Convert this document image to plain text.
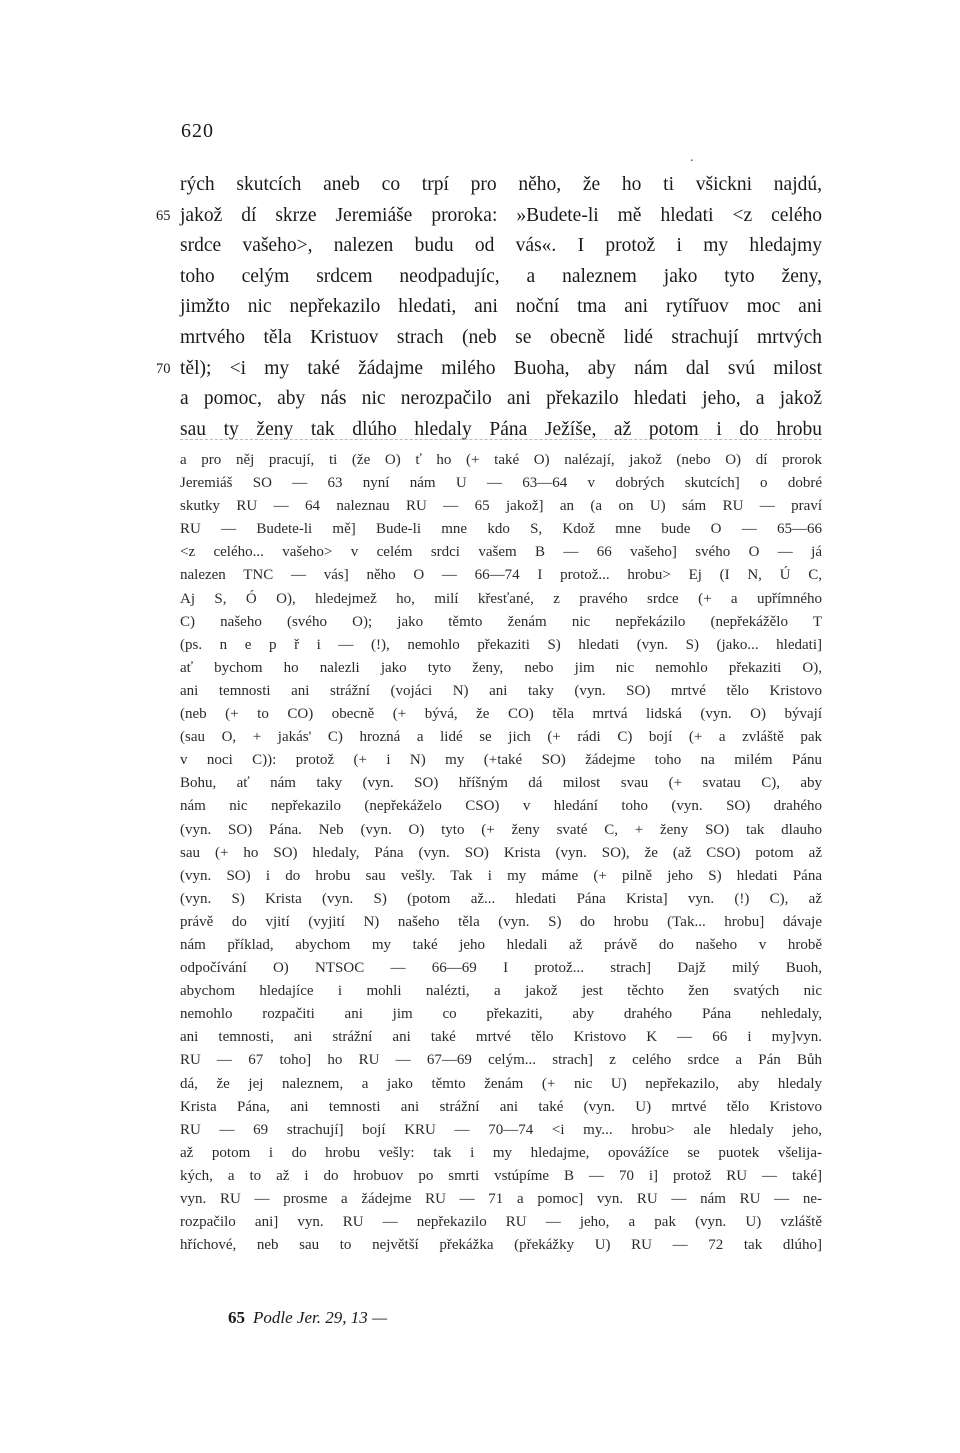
620
.
rých skutcích aneb co trpí pro něho, že ho ti všickni najdú,
65 jakož dí skrze Jeremiáše proroka: »Budete-li mě hledati <z celého
srdce vašeho>, nalezen budu od vás«. I protož i my hledajmy
toho celým srdcem neodpadujíc, a naleznem jako tyto ženy,
jimžto nic nepřekazilo hledati, ani noční tma ani rytířuov moc ani
mrtvého těla Kristuov strach (neb se obecně lidé strachují mrtvých
70 těl); <i my také žádajme milého Buoha, aby nám dal svú milost
a pomoc, aby nás nic nerozpačilo ani překazilo hledati jeho, a jakož
sau ty ženy tak dlúho hledaly Pána Ježíše, až potom i do hrobu
a pro něj pracují, ti (že O) ť ho (+ také O) nalézají, jakož (nebo O) dí prorok
Jeremiáš SO — 63 nyní nám U — 63—64 v dobrých skutcích] o dobré
skutky RU — 64 naleznau RU — 65 jakož] an (a on U) sám RU — praví
RU — Budete-li mě] Bude-li mne kdo S, Kdož mne bude O — 65—66
<z celého... vašeho> v celém srdci vašem B — 66 vašeho] svého O — já
nalezen TNC — vás] něho O — 66—74 I protož... hrobu> Ej (I N, Ú C,
Aj S, Ó O), hledejmež ho, milí křesťané, z pravého srdce (+ a upřímného
C) našeho (svého O); jako těmto ženám nic nepřekázilo (nepřekážělo T
(ps. n e p ř i — (!), nemohlo překaziti S) hledati (vyn. S) (jako... hledati]
ať bychom ho nalezli jako tyto ženy, nebo jim nic nemohlo překaziti O),
ani temnosti ani strážní (vojáci N) ani taky (vyn. SO) mrtvé tělo Kristovo
(neb (+ to CO) obecně (+ bývá, že CO) těla mrtvá lidská (vyn. O) bývají
(sau O, + jakás' C) hrozná a lidé se jich (+ rádi C) bojí (+ a zvláště pak
v noci C)): protož (+ i N) my (+také SO) žádejme toho na milém Pánu
Bohu, ať nám taky (vyn. SO) hříšným dá milost svau (+ svatau C), aby
nám nic nepřekazilo (nepřekáželo CSO) v hledání toho (vyn. SO) drahého
(vyn. SO) Pána. Neb (vyn. O) tyto (+ ženy svaté C, + ženy SO) tak dlauho
sau (+ ho SO) hledaly, Pána (vyn. SO) Krista (vyn. SO), že (až CSO) potom až
(vyn. SO) i do hrobu sau vešly. Tak i my máme (+ pilně jeho S) hledati Pána
(vyn. S) Krista (vyn. S) (potom až... hledati Pána Krista] vyn. (!) C), až
právě do vjití (vyjití N) našeho těla (vyn. S) do hrobu (Tak... hrobu] dávaje
nám příklad, abychom my také jeho hledali až právě do našeho v hrobě
odpočívání O) NTSOC — 66—69 I protož... strach] Dajž milý Buoh,
abychom hledajíce i mohli nalézti, a jakož jest těchto žen svatých nic
nemohlo rozpačiti ani jim co překaziti, aby drahého Pána nehledaly,
ani temnosti, ani strážní ani také mrtvé tělo Kristovo K — 66 i my]vyn.
RU — 67 toho] ho RU — 67—69 celým... strach] z celého srdce a Pán Bůh
dá, že jej naleznem, a jako těmto ženám (+ nic U) nepřekazilo, aby hledaly
Krista Pána, ani temnosti ani strážní ani také (vyn. U) mrtvé tělo Kristovo
RU — 69 strachují] bojí KRU — 70—74 <i my... hrobu> ale hledaly jeho,
až potom i do hrobu vešly: tak i my hledajme, opovážíce se puotek všelija-
kých, a to až i do hrobuov po smrti vstúpíme B — 70 i] protož RU — také]
vyn. RU — prosme a žádejme RU — 71 a pomoc] vyn. RU — nám RU — ne-
rozpačilo ani] vyn. RU — nepřekazilo RU — jeho, a pak (vyn. U) vzláště
hříchové, neb sau to největší překážka (překážky U) RU — 72 tak dlúho]
65 Podle Jer. 29, 13 —
